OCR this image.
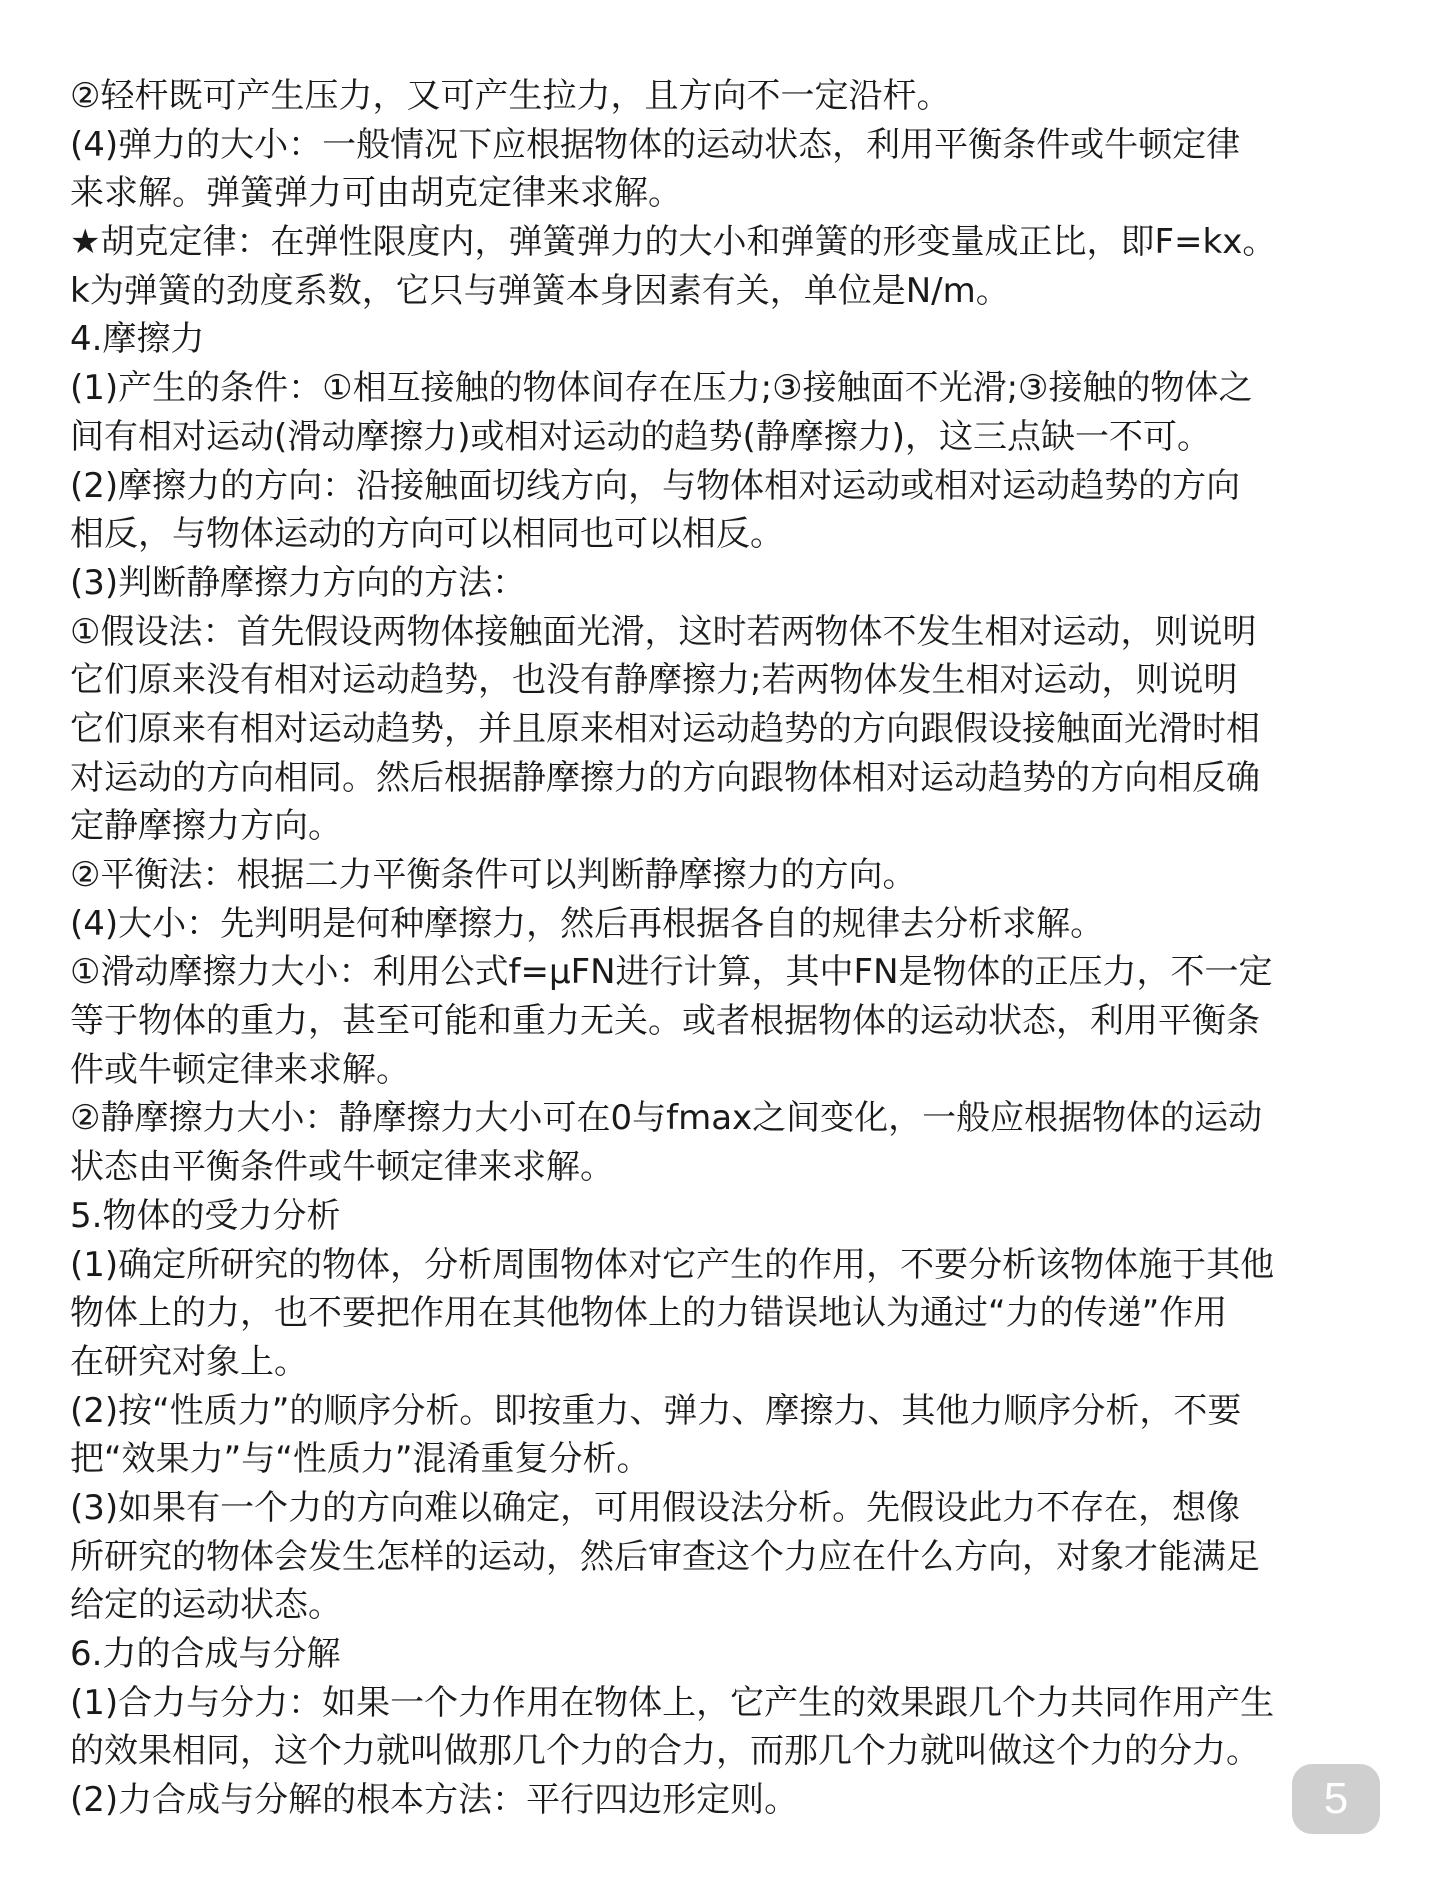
②轻杆既可产生压力，又可产生拉力，且方向不一定沿杆。
(4)弹力的大小：一般情况下应根据物体的运动状态，利用平衡条件或牛顿定律
来求解。弹簧弹力可由胡克定律来求解。
★胡克定律：在弹性限度内，弹簧弹力的大小和弹簧的形变量成正比，即F=kx。
k为弹簧的劲度系数，它只与弹簧本身因素有关，单位是N/m。
4.摩擦力
(1)产生的条件：①相互接触的物体间存在压力;③接触面不光滑;③接触的物体之
间有相对运动(滑动摩擦力)或相对运动的趋势(静摩擦力)，这三点缺一不可。
(2)摩擦力的方向：沿接触面切线方向，与物体相对运动或相对运动趋势的方向
相反，与物体运动的方向可以相同也可以相反。
(3)判断静摩擦力方向的方法：
①假设法：首先假设两物体接触面光滑，这时若两物体不发生相对运动，则说明
它们原来没有相对运动趋势，也没有静摩擦力;若两物体发生相对运动，则说明
它们原来有相对运动趋势，并且原来相对运动趋势的方向跟假设接触面光滑时相
对运动的方向相同。然后根据静摩擦力的方向跟物体相对运动趋势的方向相反确
定静摩擦力方向。
②平衡法：根据二力平衡条件可以判断静摩擦力的方向。
(4)大小：先判明是何种摩擦力，然后再根据各自的规律去分析求解。
①滑动摩擦力大小：利用公式f=μFN进行计算，其中FN是物体的正压力，不一定
等于物体的重力，甚至可能和重力无关。或者根据物体的运动状态，利用平衡条
件或牛顿定律来求解。
②静摩擦力大小：静摩擦力大小可在0与fmax之间变化，一般应根据物体的运动
状态由平衡条件或牛顿定律来求解。
5.物体的受力分析
(1)确定所研究的物体，分析周围物体对它产生的作用，不要分析该物体施于其他
物体上的力，也不要把作用在其他物体上的力错误地认为通过“力的传递”作用
在研究对象上。
(2)按“性质力”的顺序分析。即按重力、弹力、摩擦力、其他力顺序分析，不要
把“效果力”与“性质力”混淆重复分析。
(3)如果有一个力的方向难以确定，可用假设法分析。先假设此力不存在，想像
所研究的物体会发生怎样的运动，然后审查这个力应在什么方向，对象才能满足
给定的运动状态。
6.力的合成与分解
(1)合力与分力：如果一个力作用在物体上，它产生的效果跟几个力共同作用产生
的效果相同，这个力就叫做那几个力的合力，而那几个力就叫做这个力的分力。
(2)力合成与分解的根本方法：平行四边形定则。	5
